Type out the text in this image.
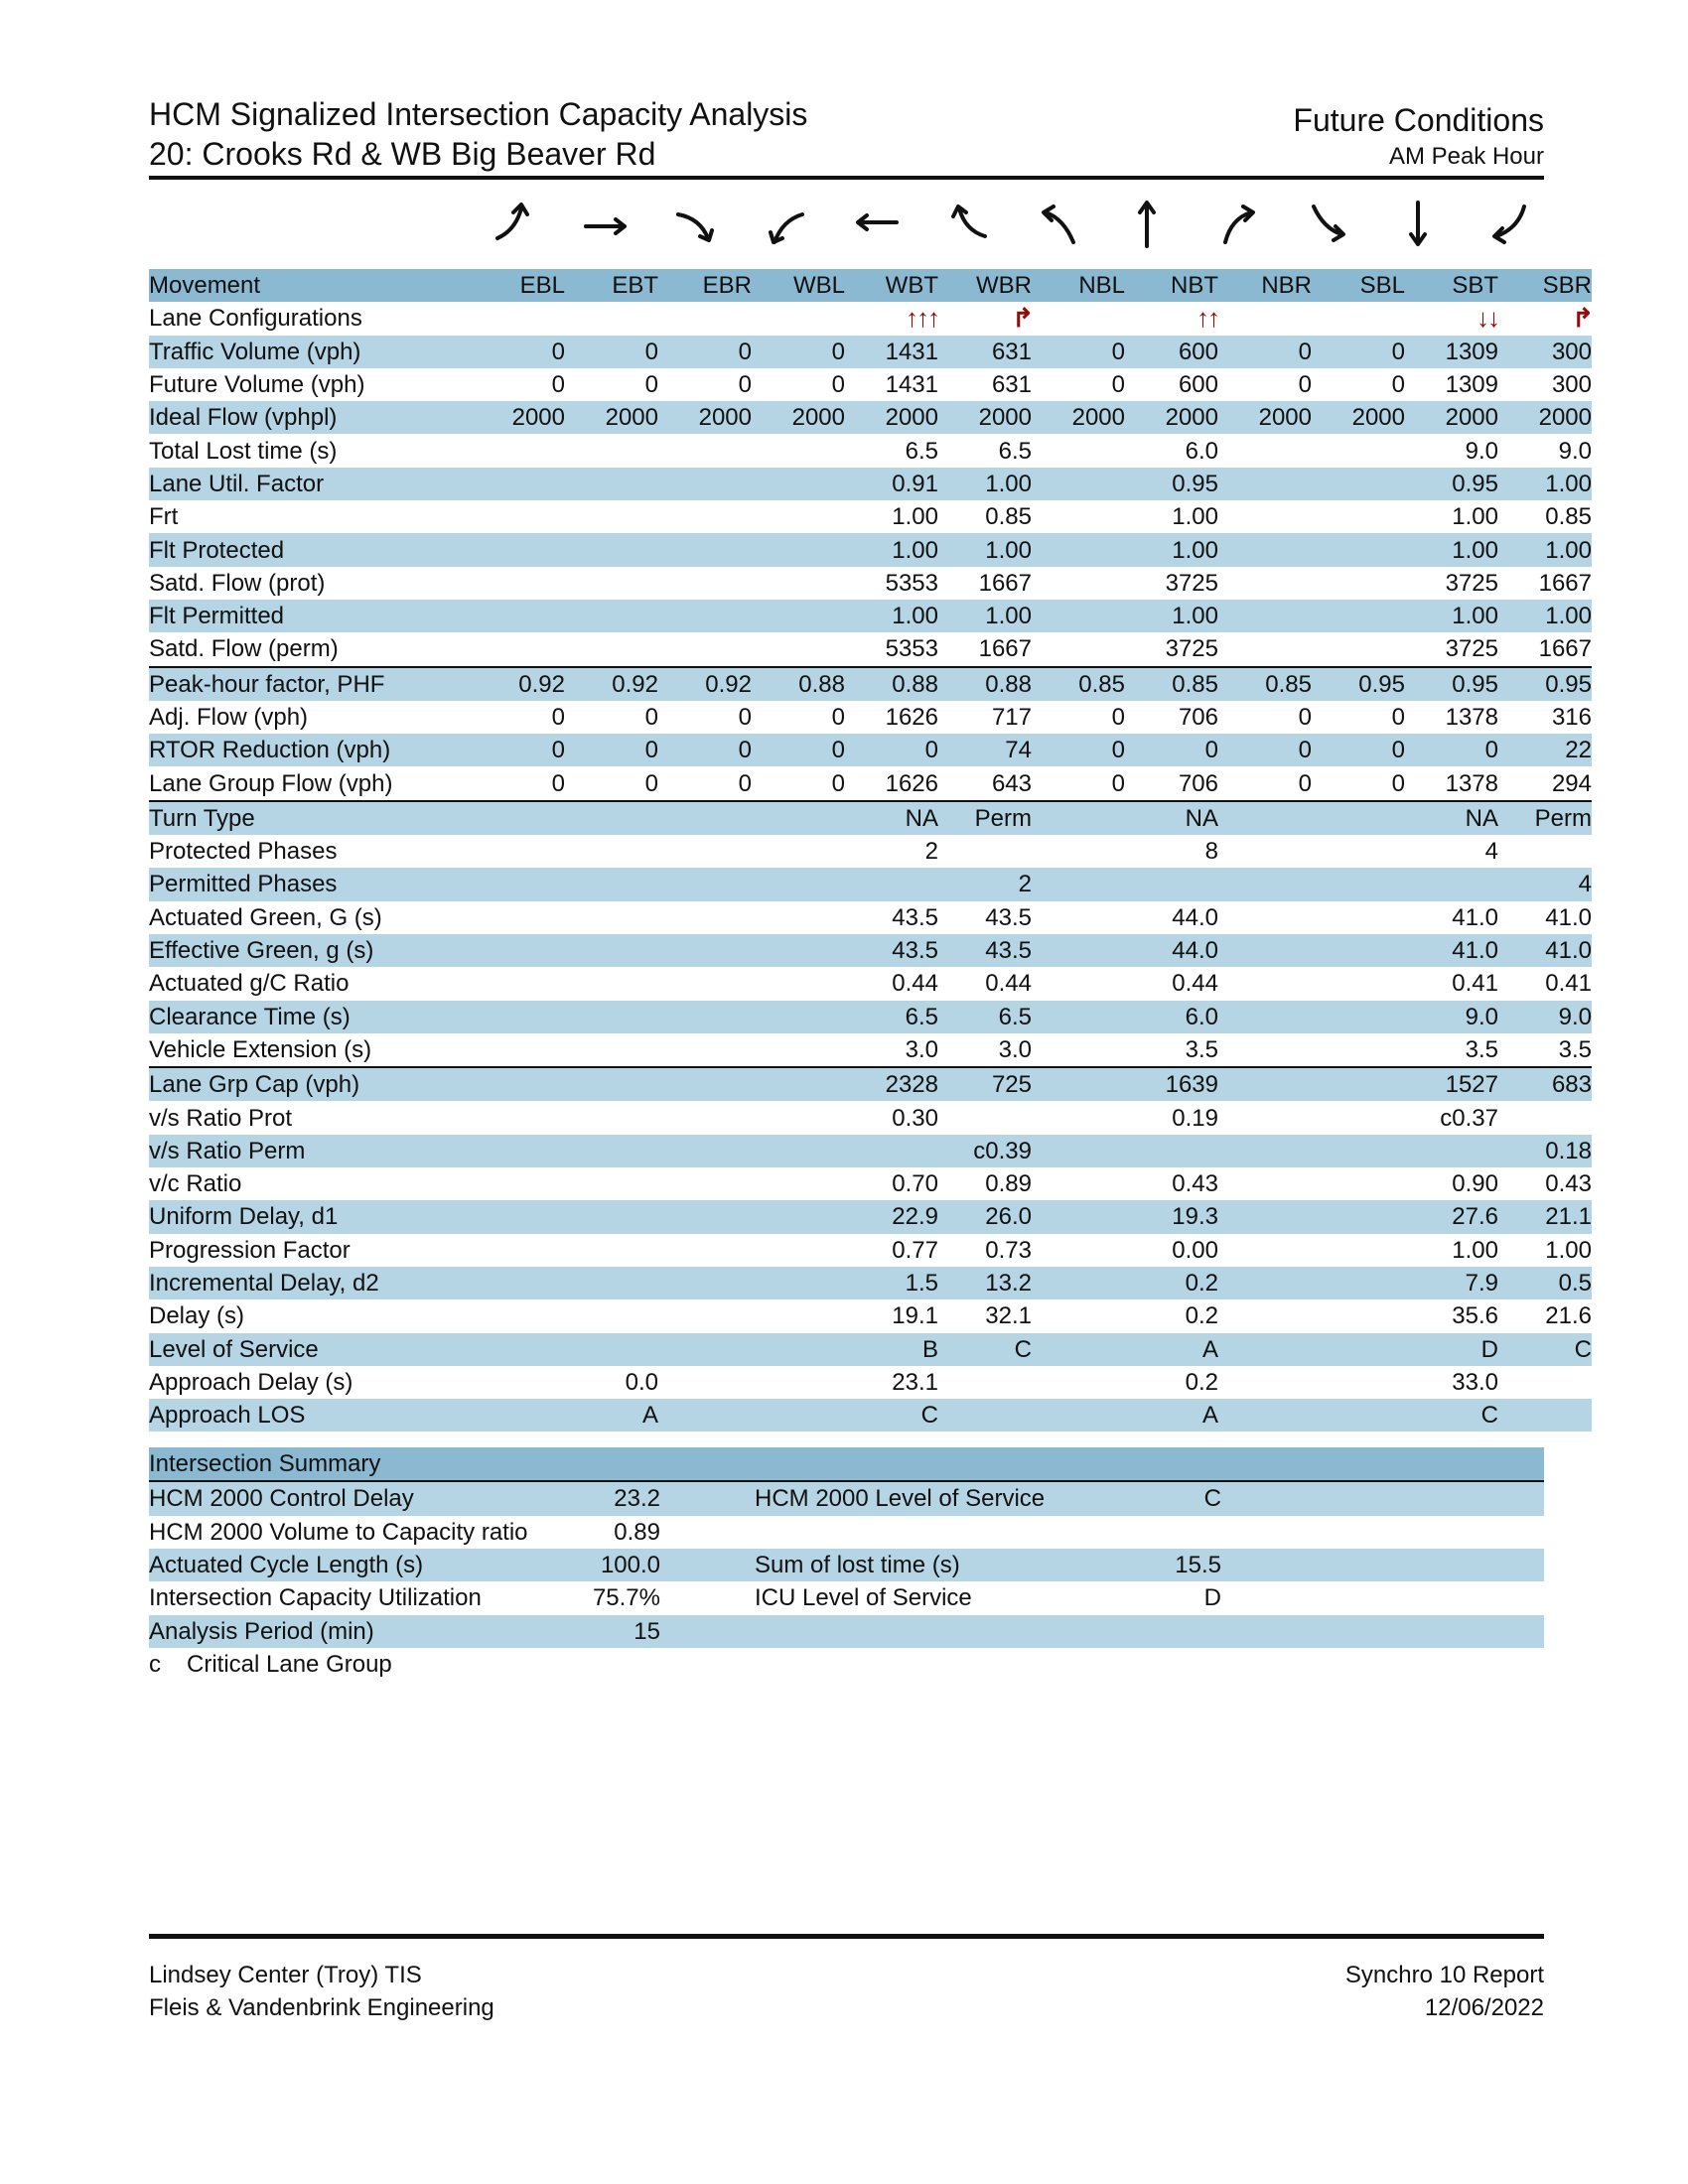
HCM Signalized Intersection Capacity Analysis
20: Crooks Rd & WB Big Beaver Rd
Future Conditions
AM Peak Hour
Movement	EBL	EBT	EBR	WBL	WBT	WBR	NBL	NBT	NBR	SBL	SBT	SBR
Lane Configurations					↑↑↑	↱		↑↑			↓↓	↱
Traffic Volume (vph)	0	0	0	0	1431	631	0	600	0	0	1309	300
Future Volume (vph)	0	0	0	0	1431	631	0	600	0	0	1309	300
Ideal Flow (vphpl)	2000	2000	2000	2000	2000	2000	2000	2000	2000	2000	2000	2000
Total Lost time (s)					6.5	6.5		6.0			9.0	9.0
Lane Util. Factor					0.91	1.00		0.95			0.95	1.00
Frt					1.00	0.85		1.00			1.00	0.85
Flt Protected					1.00	1.00		1.00			1.00	1.00
Satd. Flow (prot)					5353	1667		3725			3725	1667
Flt Permitted					1.00	1.00		1.00			1.00	1.00
Satd. Flow (perm)					5353	1667		3725			3725	1667
Peak-hour factor, PHF	0.92	0.92	0.92	0.88	0.88	0.88	0.85	0.85	0.85	0.95	0.95	0.95
Adj. Flow (vph)	0	0	0	0	1626	717	0	706	0	0	1378	316
RTOR Reduction (vph)	0	0	0	0	0	74	0	0	0	0	0	22
Lane Group Flow (vph)	0	0	0	0	1626	643	0	706	0	0	1378	294
Turn Type					NA	Perm		NA			NA	Perm
Protected Phases					2			8			4	
Permitted Phases						2						4
Actuated Green, G (s)					43.5	43.5		44.0			41.0	41.0
Effective Green, g (s)					43.5	43.5		44.0			41.0	41.0
Actuated g/C Ratio					0.44	0.44		0.44			0.41	0.41
Clearance Time (s)					6.5	6.5		6.0			9.0	9.0
Vehicle Extension (s)					3.0	3.0		3.5			3.5	3.5
Lane Grp Cap (vph)					2328	725		1639			1527	683
v/s Ratio Prot					0.30			0.19			c0.37	
v/s Ratio Perm						c0.39						0.18
v/c Ratio					0.70	0.89		0.43			0.90	0.43
Uniform Delay, d1					22.9	26.0		19.3			27.6	21.1
Progression Factor					0.77	0.73		0.00			1.00	1.00
Incremental Delay, d2					1.5	13.2		0.2			7.9	0.5
Delay (s)					19.1	32.1		0.2			35.6	21.6
Level of Service					B	C		A			D	C
Approach Delay (s)		0.0			23.1			0.2			33.0	
Approach LOS		A			C			A			C	
Intersection Summary
HCM 2000 Control Delay	23.2	HCM 2000 Level of Service	C
HCM 2000 Volume to Capacity ratio	0.89
Actuated Cycle Length (s)	100.0	Sum of lost time (s)	15.5
Intersection Capacity Utilization	75.7%	ICU Level of Service	D
Analysis Period (min)	15
c	Critical Lane Group
Lindsey Center (Troy) TIS
Fleis & Vandenbrink Engineering
Synchro 10 Report
12/06/2022
